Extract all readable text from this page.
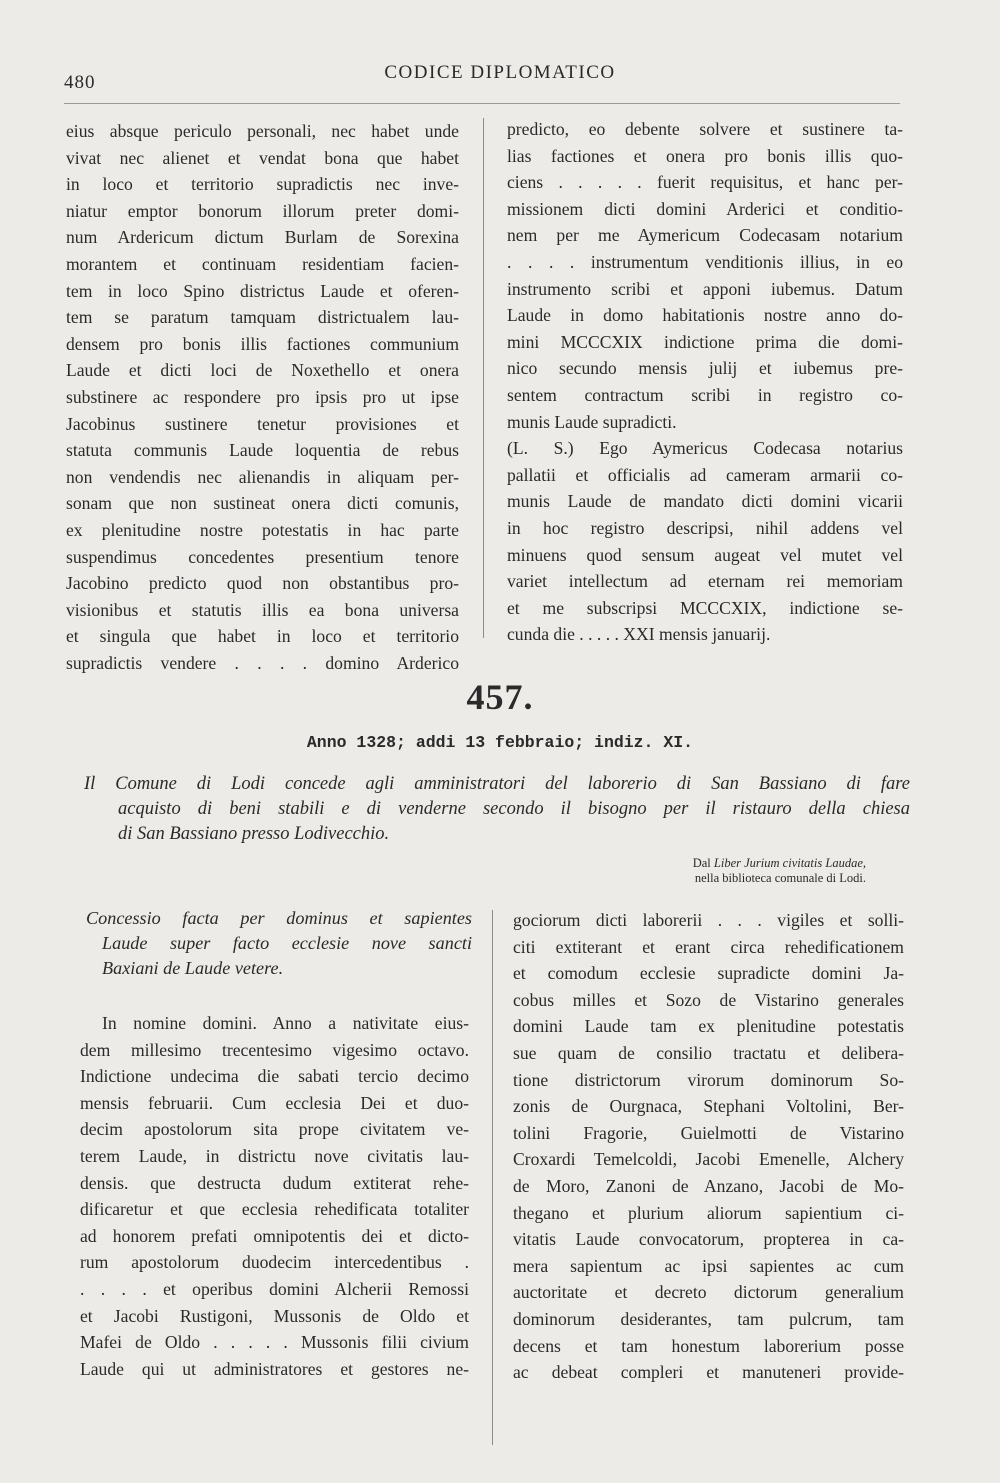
480	CODICE DIPLOMATICO
eius absque periculo personali, nec habet unde
vivat nec alienet et vendat bona que habet
in loco et territorio supradictis nec inve-
niatur emptor bonorum illorum preter domi-
num Ardericum dictum Burlam de Sorexina
morantem et continuam residentiam facien-
tem in loco Spino districtus Laude et oferen-
tem se paratum tamquam districtualem lau-
densem pro bonis illis factiones communium
Laude et dicti loci de Noxethello et onera
substinere ac respondere pro ipsis pro ut ipse
Jacobinus sustinere tenetur provisiones et
statuta communis Laude loquentia de rebus
non vendendis nec alienandis in aliquam per-
sonam que non sustineat onera dicti comunis,
ex plenitudine nostre potestatis in hac parte
suspendimus concedentes presentium tenore
Jacobino predicto quod non obstantibus pro-
visionibus et statutis illis ea bona universa
et singula que habet in loco et territorio
supradictis vendere . . . . domino Arderico
predicto, eo debente solvere et sustinere ta-
lias factiones et onera pro bonis illis quo-
ciens . . . . . fuerit requisitus, et hanc per-
missionem dicti domini Arderici et conditio-
nem per me Aymericum Codecasam notarium
. . . . instrumentum venditionis illius, in eo
instrumento scribi et apponi iubemus. Datum
Laude in domo habitationis nostre anno do-
mini MCCCXIX indictione prima die domi-
nico secundo mensis julij et iubemus pre-
sentem contractum scribi in registro co-
munis Laude supradicti.
(L. S.) Ego Aymericus Codecasa notarius
pallatii et officialis ad cameram armarii co-
munis Laude de mandato dicti domini vicarii
in hoc registro descripsi, nihil addens vel
minuens quod sensum augeat vel mutet vel
variet intellectum ad eternam rei memoriam
et me subscripsi MCCCXIX, indictione se-
cunda die . . . . . XXI mensis januarij.
457.
Anno 1328; addi 13 febbraio; indiz. XI.
Il Comune di Lodi concede agli amministratori del laborerio di San Bassiano di fare
acquisto di beni stabili e di venderne secondo il bisogno per il ristauro della chiesa
di San Bassiano presso Lodivecchio.
Dal Liber Jurium civitatis Laudae,
nella biblioteca comunale di Lodi.
Concessio facta per dominus et sapientes
Laude super facto ecclesie nove sancti
Baxiani de Laude vetere.
In nomine domini. Anno a nativitate eius-
dem millesimo trecentesimo vigesimo octavo.
Indictione undecima die sabati tercio decimo
mensis februarii. Cum ecclesia Dei et duo-
decim apostolorum sita prope civitatem ve-
terem Laude, in districtu nove civitatis lau-
densis. que destructa dudum extiterat rehe-
dificaretur et que ecclesia rehedificata totaliter
ad honorem prefati omnipotentis dei et dicto-
rum apostolorum duodecim intercedentibus .
. . . . et operibus domini Alcherii Remossi
et Jacobi Rustigoni, Mussonis de Oldo et
Mafei de Oldo . . . . . Mussonis filii civium
Laude qui ut administratores et gestores ne-
gociorum dicti laborerii . . . vigiles et solli-
citi extiterant et erant circa rehedificationem
et comodum ecclesie supradicte domini Ja-
cobus milles et Sozo de Vistarino generales
domini Laude tam ex plenitudine potestatis
sue quam de consilio tractatu et delibera-
tione districtorum virorum dominorum So-
zonis de Ourgnaca, Stephani Voltolini, Ber-
tolini Fragorie, Guielmotti de Vistarino
Croxardi Temelcoldi, Jacobi Emenelle, Alchery
de Moro, Zanoni de Anzano, Jacobi de Mo-
thegano et plurium aliorum sapientium ci-
vitatis Laude convocatorum, propterea in ca-
mera sapientum ac ipsi sapientes ac cum
auctoritate et decreto dictorum generalium
dominorum desiderantes, tam pulcrum, tam
decens et tam honestum laborerium posse
ac debeat compleri et manuteneri provide-
